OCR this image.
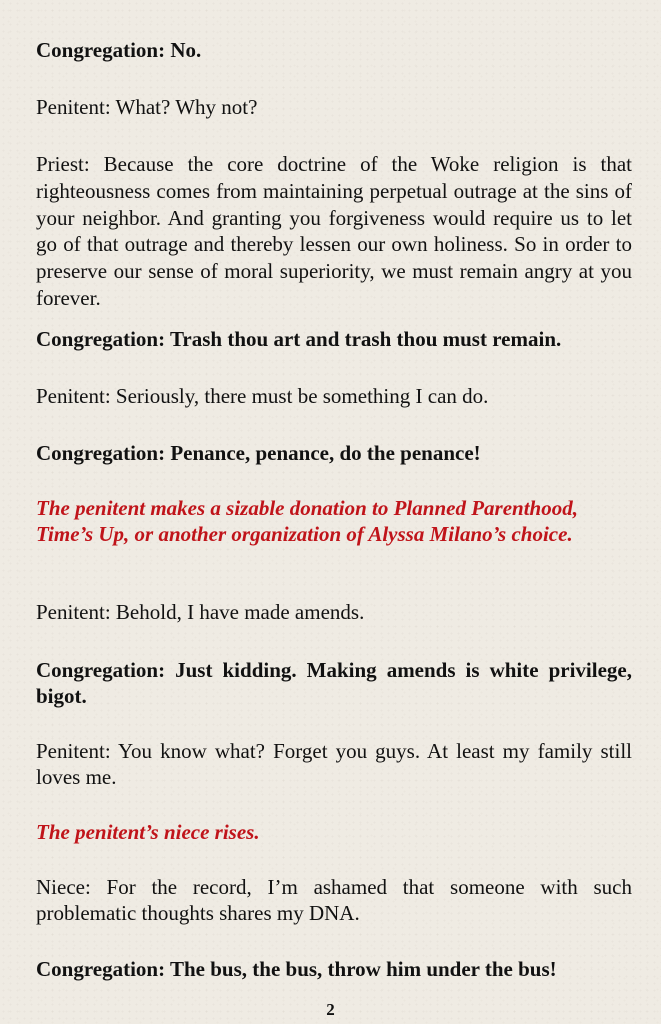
Congregation: No.

Penitent: What? Why not?

Priest: Because the core doctrine of the Woke religion is that righteousness comes from maintaining perpetual outrage at the sins of your neighbor. And granting you forgiveness would require us to let go of that outrage and thereby lessen our own holiness. So in order to preserve our sense of moral superiority, we must remain angry at you forever.

Congregation: Trash thou art and trash thou must remain.

Penitent: Seriously, there must be something I can do.

Congregation: Penance, penance, do the penance!

The penitent makes a sizable donation to Planned Parenthood, Time’s Up, or another organization of Alyssa Milano’s choice.

Penitent: Behold, I have made amends.

Congregation: Just kidding. Making amends is white privilege, bigot.

Penitent: You know what? Forget you guys. At least my family still loves me.

The penitent’s niece rises.

Niece: For the record, I’m ashamed that someone with such problematic thoughts shares my DNA.

Congregation: The bus, the bus, throw him under the bus!

2
